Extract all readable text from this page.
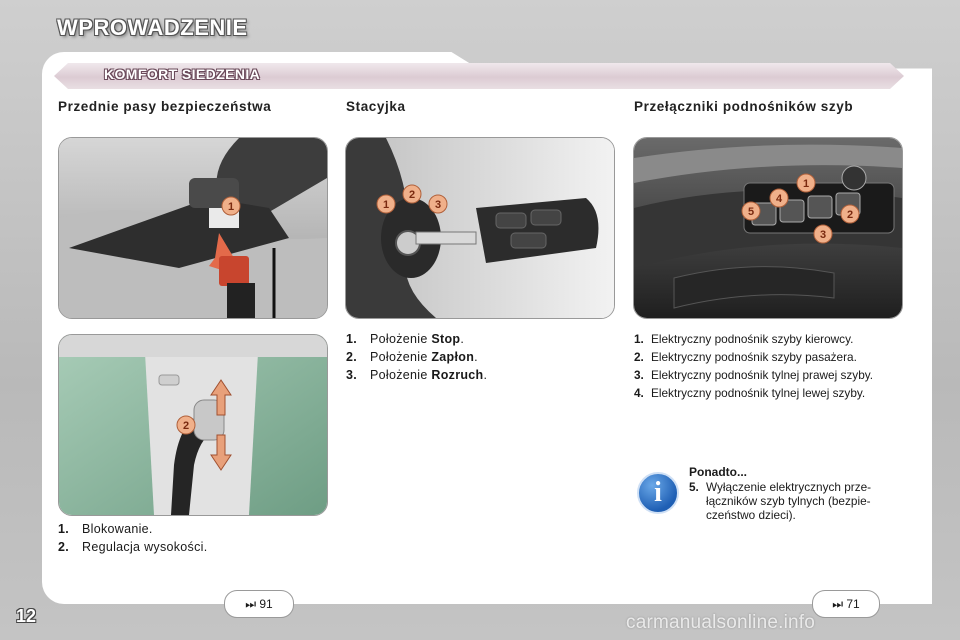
WPROWADZENIE
KOMFORT SIEDZENIA
Przednie pasy bezpieczeństwa
1
2
1. Blokowanie.
2. Regulacja wysokości.
Stacyjka
1
2
3
1. Położenie Stop.
2. Położenie Zapłon.
3. Położenie Rozruch.
Przełączniki podnośników szyb
1
2
3
4
5
1. Elektryczny podnośnik szyby kierowcy.
2. Elektryczny podnośnik szyby pasażera.
3. Elektryczny podnośnik tylnej prawej szyby.
4. Elektryczny podnośnik tylnej lewej szyby.
i
Ponadto...
5. Wyłączenie elektrycznych prze-łączników szyb tylnych (bezpie-czeństwo dzieci).
⏭ 91	⏭ 71
12	carmanualsonline.info
